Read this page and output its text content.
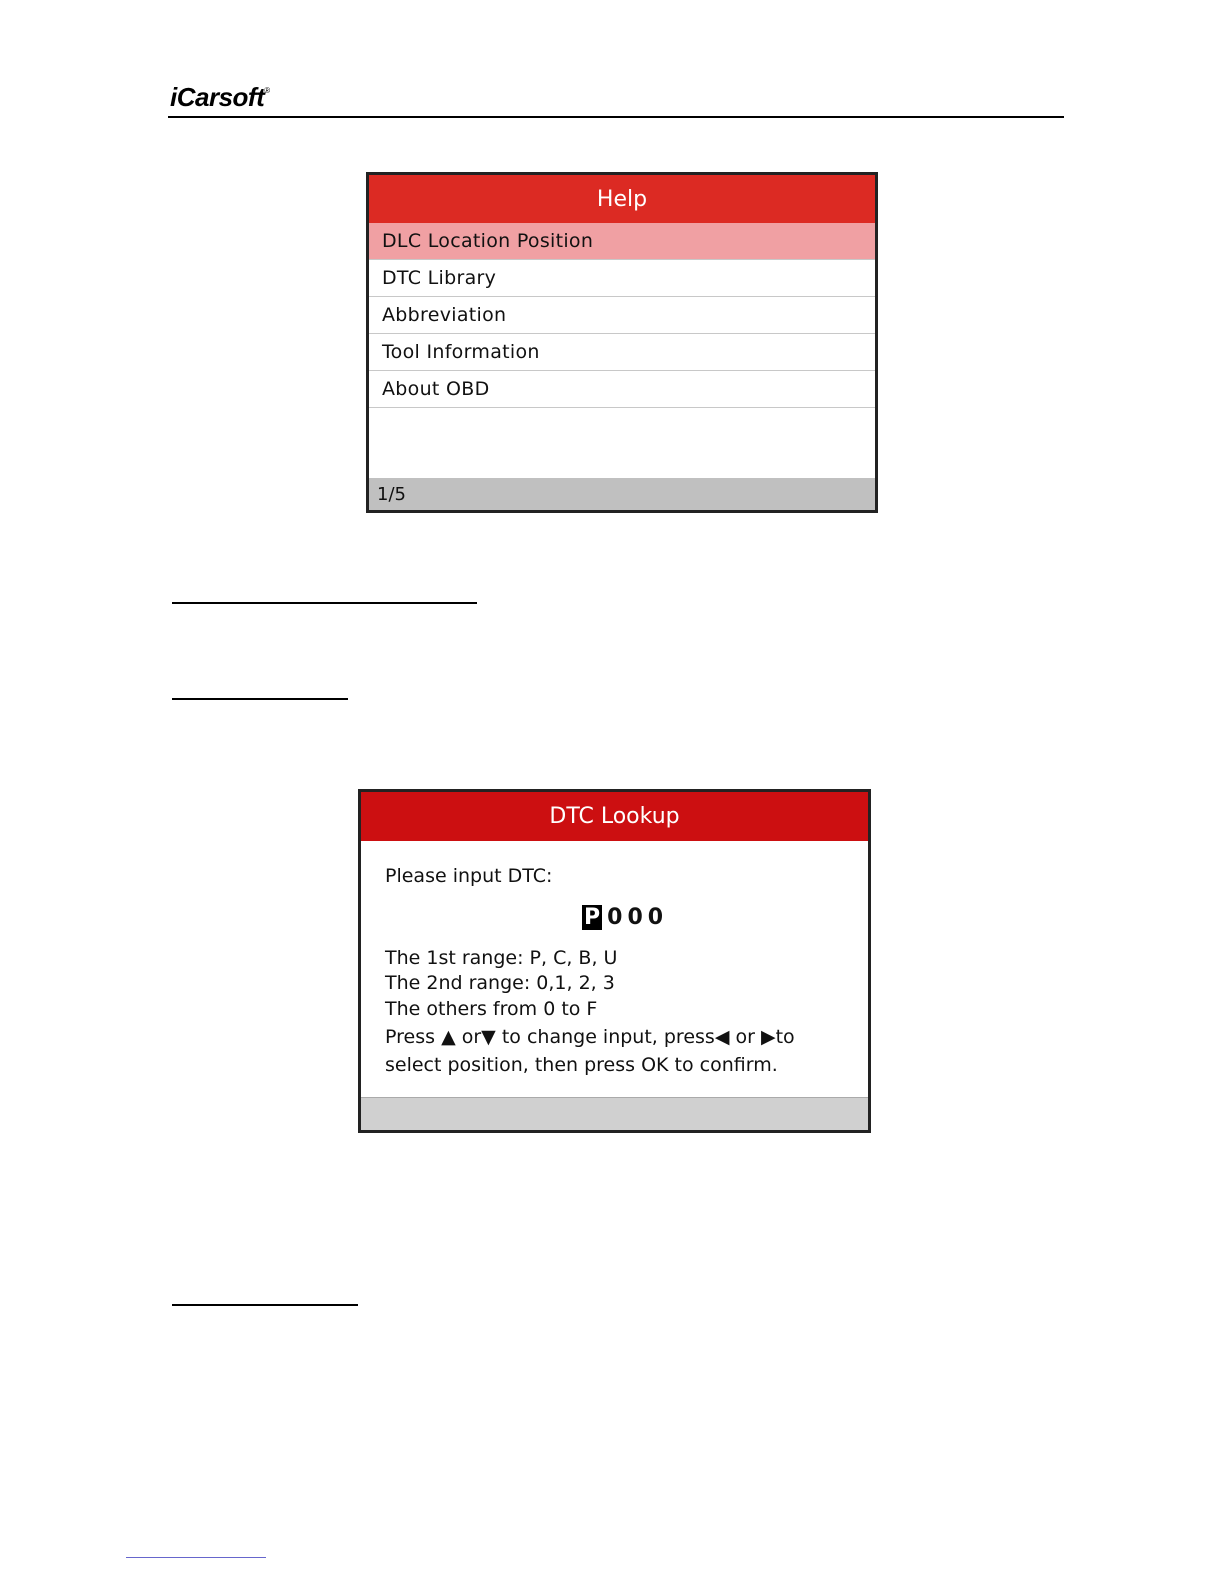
iCarsoft®
Help
DLC Location Position
DTC Library
Abbreviation
Tool Information
About OBD
1/5
DTC Lookup
Please input DTC:
P 0 0 0
The 1st range: P, C, B, U
The 2nd range: 0,1, 2, 3
The others from 0 to F
Press ▲ or▼ to change input, press◀ or ▶to
select position, then press OK to confirm.
